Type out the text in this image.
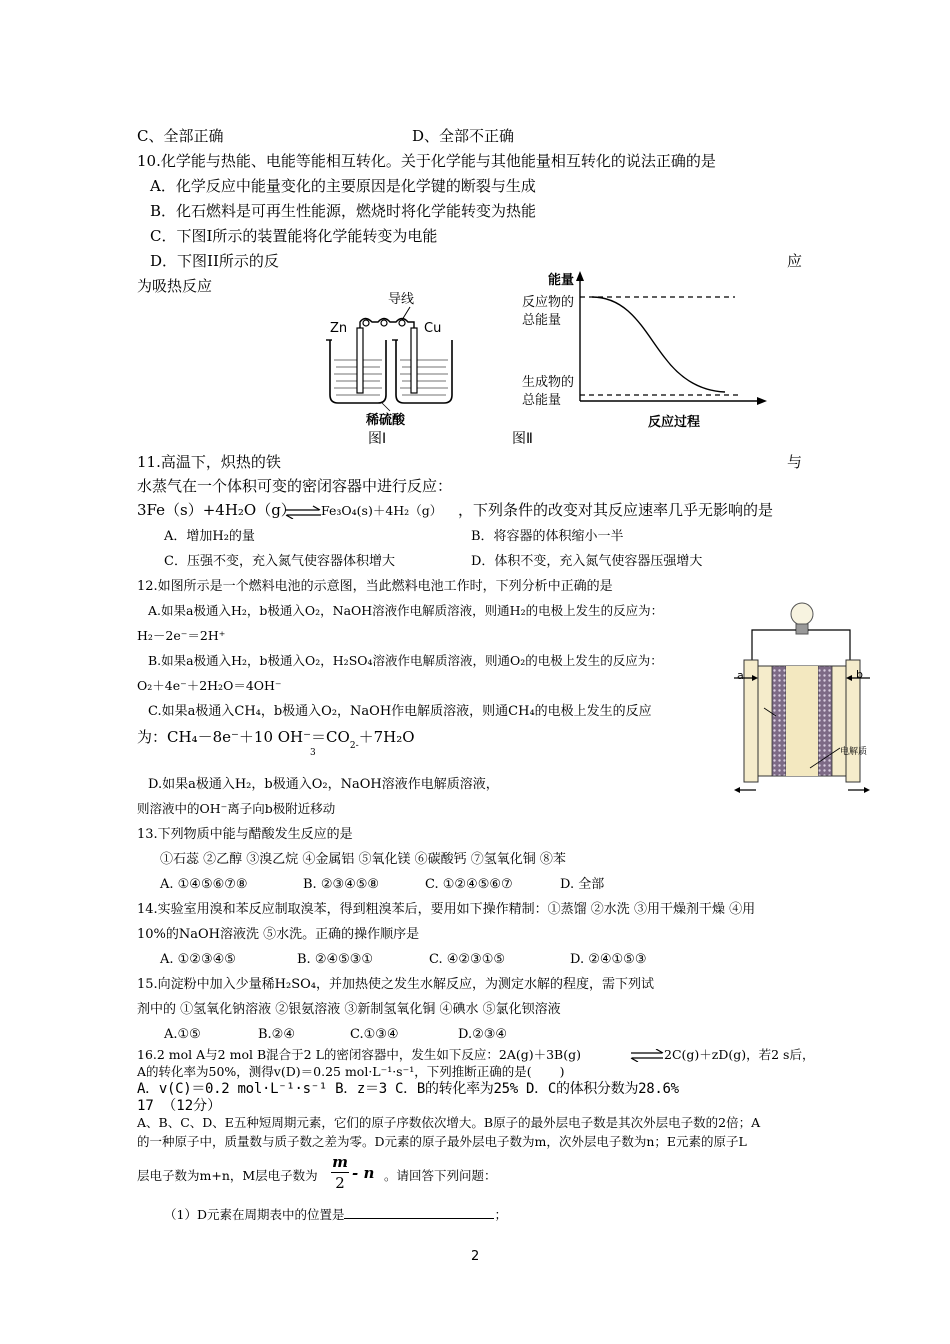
C、全部正确	D、全部不正确
10.化学能与热能、电能等能相互转化。关于化学能与其他能量相互转化的说法正确的是
A．化学反应中能量变化的主要原因是化学键的断裂与生成
B．化石燃料是可再生性能源，燃烧时将化学能转变为热能
C．下图Ⅰ所示的装置能将化学能转变为电能
D．下图II所示的反	应
为吸热反应
导线
Zn	Cu
稀硫酸
图Ⅰ
能量
反应物的
总能量
生成物的
总能量
反应过程
图Ⅱ
11.高温下，炽热的铁	与
水蒸气在一个体积可变的密闭容器中进行反应：
3Fe（s）+4H₂O（g） Fe₃O₄(s)＋4H₂（g） ，下列条件的改变对其反应速率几乎无影响的是
A．增加H₂的量	B．将容器的体积缩小一半
C．压强不变，充入氮气使容器体积增大	D．体积不变，充入氮气使容器压强增大
12.如图所示是一个燃料电池的示意图，当此燃料电池工作时，下列分析中正确的是
A.如果a极通入H₂，b极通入O₂，NaOH溶液作电解质溶液，则通H₂的电极上发生的反应为：
H₂－2e⁻＝2H⁺
B.如果a极通入H₂，b极通入O₂，H₂SO₄溶液作电解质溶液，则通O₂的电极上发生的反应为：
O₂＋4e⁻＋2H₂O＝4OH⁻
C.如果a极通入CH₄，b极通入O₂，NaOH作电解质溶液，则通CH₄的电极上发生的反应
为：CH₄－8e⁻＋10 $OH^-=CO_{2-}+7H_2O$
3
D.如果a极通入H₂，b极通入O₂，NaOH溶液作电解质溶液，
则溶液中的OH⁻离子向b极附近移动
a	b
电解质
13.下列物质中能与醋酸发生反应的是
①石蕊 ②乙醇 ③溴乙烷 ④金属铝 ⑤氧化镁 ⑥碳酸钙 ⑦氢氧化铜 ⑧苯
A. ①④⑤⑥⑦⑧	B. ②③④⑤⑧	C. ①②④⑤⑥⑦	D. 全部
14.实验室用溴和苯反应制取溴苯，得到粗溴苯后，要用如下操作精制：①蒸馏 ②水洗 ③用干燥剂干燥 ④用
10%的NaOH溶液洗 ⑤水洗。正确的操作顺序是
A. ①②③④⑤	B. ②④⑤③①	C. ④②③①⑤	D. ②④①⑤③
15.向淀粉中加入少量稀H₂SO₄，并加热使之发生水解反应，为测定水解的程度，需下列试
剂中的 ①氢氧化钠溶液 ②银氨溶液 ③新制氢氧化铜 ④碘水 ⑤氯化钡溶液
A.①⑤	B.②④	C.①③④	D.②③④
16.2 mol A与2 mol B混合于2 L的密闭容器中，发生如下反应：2A(g)＋3B(g)	2C(g)＋zD(g)，若2 s后，
A的转化率为50%，测得v(D)＝0.25 mol·L⁻¹·s⁻¹，下列推断正确的是( )
A．v(C)＝0.2 mol·L⁻¹·s⁻¹ B．z＝3 C．B的转化率为25% D．C的体积分数为28.6%
17 （12分）
A、B、C、D、E五种短周期元素，它们的原子序数依次增大。B原子的最外层电子数是其次外层电子数的2倍；A
的一种原子中，质量数与质子数之差为零。D元素的原子最外层电子数为m，次外层电子数为n；E元素的原子L
层电子数为m+n，M层电子数为
m
2
- n 。请回答下列问题：
（1）D元素在周期表中的位置是	；
2
